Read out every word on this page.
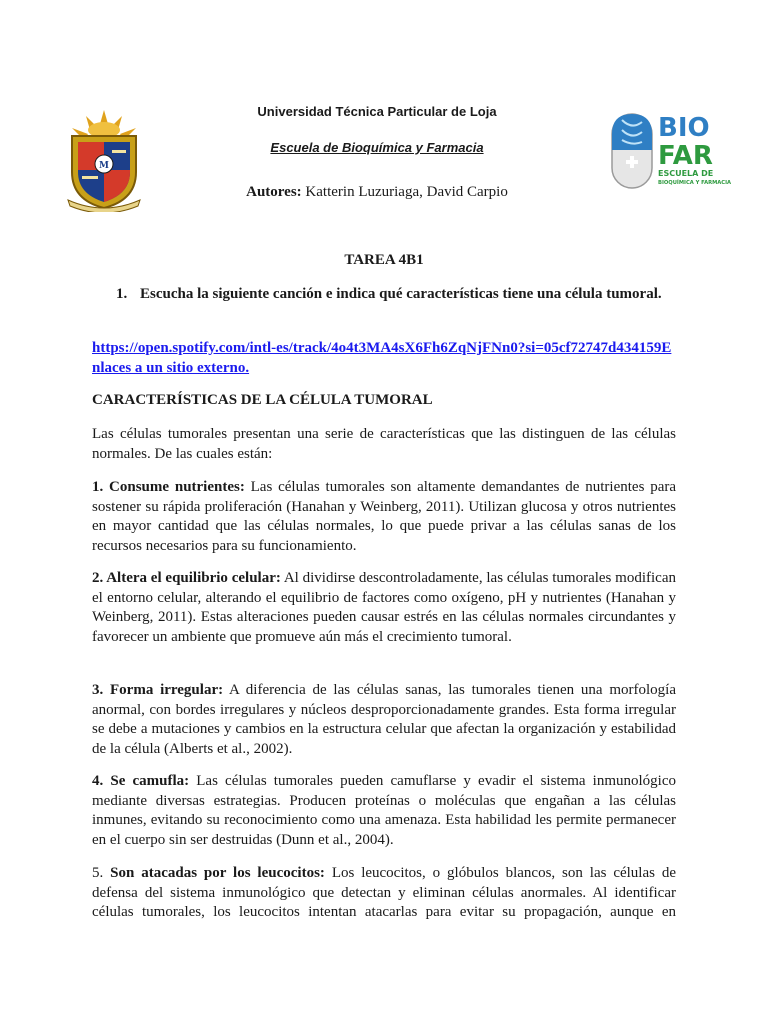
M
BIO
FAR
ESCUELA DE
BIOQUÍMICA Y FARMACIA
Universidad Técnica Particular de Loja
Escuela de Bioquímica y Farmacia
Autores: Katterin Luzuriaga, David Carpio
TAREA 4B1
1. Escucha la siguiente canción e indica qué características tiene una célula tumoral.
https://open.spotify.com/intl-es/track/4o4t3MA4sX6Fh6ZqNjFNn0?si=05cf72747d434159Enlaces a un sitio externo.
CARACTERÍSTICAS DE LA CÉLULA TUMORAL
Las células tumorales presentan una serie de características que las distinguen de las células normales. De las cuales están:
1. Consume nutrientes: Las células tumorales son altamente demandantes de nutrientes para sostener su rápida proliferación (Hanahan y Weinberg, 2011). Utilizan glucosa y otros nutrientes en mayor cantidad que las células normales, lo que puede privar a las células sanas de los recursos necesarios para su funcionamiento.
2. Altera el equilibrio celular: Al dividirse descontroladamente, las células tumorales modifican el entorno celular, alterando el equilibrio de factores como oxígeno, pH y nutrientes (Hanahan y Weinberg, 2011). Estas alteraciones pueden causar estrés en las células normales circundantes y favorecer un ambiente que promueve aún más el crecimiento tumoral.
3. Forma irregular: A diferencia de las células sanas, las tumorales tienen una morfología anormal, con bordes irregulares y núcleos desproporcionadamente grandes. Esta forma irregular se debe a mutaciones y cambios en la estructura celular que afectan la organización y estabilidad de la célula (Alberts et al., 2002).
4. Se camufla: Las células tumorales pueden camuflarse y evadir el sistema inmunológico mediante diversas estrategias. Producen proteínas o moléculas que engañan a las células inmunes, evitando su reconocimiento como una amenaza. Esta habilidad les permite permanecer en el cuerpo sin ser destruidas (Dunn et al., 2004).
5. Son atacadas por los leucocitos: Los leucocitos, o glóbulos blancos, son las células de defensa del sistema inmunológico que detectan y eliminan células anormales. Al identificar células tumorales, los leucocitos intentan atacarlas para evitar su propagación, aunque en
